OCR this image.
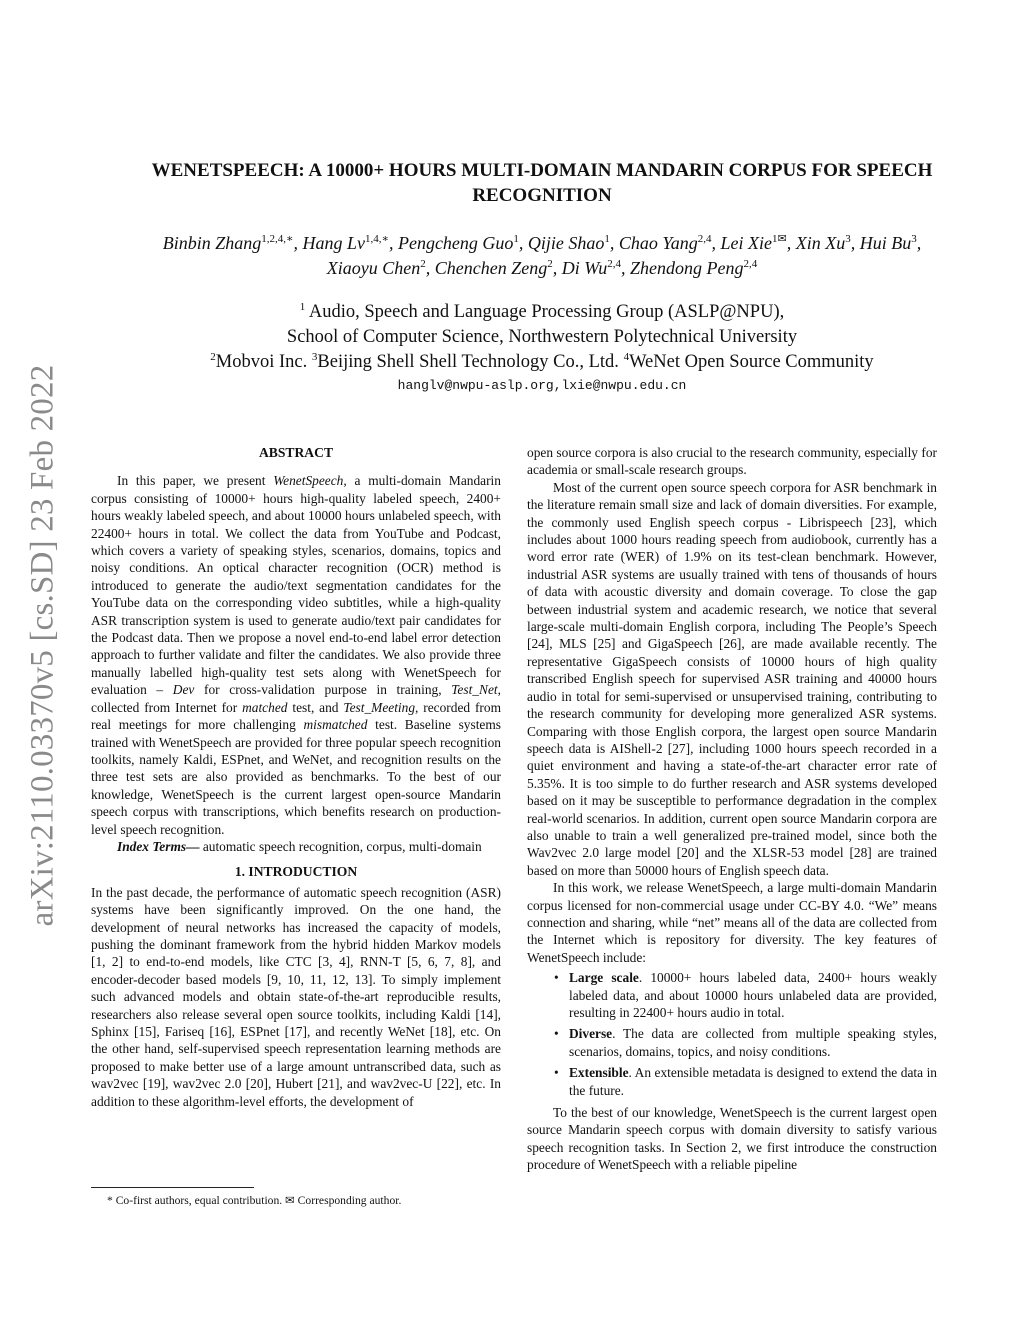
arXiv:2110.03370v5 [cs.SD] 23 Feb 2022
WENETSPEECH: A 10000+ HOURS MULTI-DOMAIN MANDARIN CORPUS FOR SPEECH
RECOGNITION
Binbin Zhang$^{1,2,4,∗}$, Hang $Lv^{1,4,∗}$, Pengcheng Guo$^1$, Qijie Shao$^1$, Chao Yang$^{2,4}$, Lei Xie$^{1✉}$, Xin Xu$^3$, Hui Bu$^3$,
Xiaoyu Chen$^2$, Chenchen Zeng$^2$, Di Wu$^{2,4}$, Zhendong Peng$^{2,4}$
$^1$ Audio, Speech and Language Processing Group (ASLP@NPU),
School of Computer Science, Northwestern Polytechnical University
$^2$Mobvoi Inc. $^3$Beijing Shell Shell Technology Co., Ltd. $^4$WeNet Open Source Community
hanglv@nwpu-aslp.org,lxie@nwpu.edu.cn
ABSTRACT

In this paper, we present WenetSpeech, a multi-domain Mandarin corpus consisting of 10000+ hours high-quality labeled speech, 2400+ hours weakly labeled speech, and about 10000 hours unlabeled speech, with 22400+ hours in total. We collect the data from YouTube and Podcast, which covers a variety of speaking styles, scenarios, domains, topics and noisy conditions. An optical character recognition (OCR) method is introduced to generate the audio/text segmentation candidates for the YouTube data on the corresponding video subtitles, while a high-quality ASR transcription system is used to generate audio/text pair candidates for the Podcast data. Then we propose a novel end-to-end label error detection approach to further validate and filter the candidates. We also provide three manually labelled high-quality test sets along with WenetSpeech for evaluation – Dev for cross-validation purpose in training, Test_Net, collected from Internet for matched test, and Test_Meeting, recorded from real meetings for more challenging mismatched test. Baseline systems trained with WenetSpeech are provided for three popular speech recognition toolkits, namely Kaldi, ESPnet, and WeNet, and recognition results on the three test sets are also provided as benchmarks. To the best of our knowledge, WenetSpeech is the current largest open-source Mandarin speech corpus with transcriptions, which benefits research on production-level speech recognition.

Index Terms— automatic speech recognition, corpus, multi-domain

1. INTRODUCTION

In the past decade, the performance of automatic speech recognition (ASR) systems have been significantly improved. On the one hand, the development of neural networks has increased the capacity of models, pushing the dominant framework from the hybrid hidden Markov models [1, 2] to end-to-end models, like CTC [3, 4], RNN-T [5, 6, 7, 8], and encoder-decoder based models [9, 10, 11, 12, 13]. To simply implement such advanced models and obtain state-of-the-art reproducible results, researchers also release several open source toolkits, including Kaldi [14], Sphinx [15], Fariseq [16], ESPnet [17], and recently WeNet [18], etc. On the other hand, self-supervised speech representation learning methods are proposed to make better use of a large amount untranscribed data, such as wav2vec [19], wav2vec 2.0 [20], Hubert [21], and wav2vec-U [22], etc. In addition to these algorithm-level efforts, the development of

open source corpora is also crucial to the research community, especially for academia or small-scale research groups.

Most of the current open source speech corpora for ASR benchmark in the literature remain small size and lack of domain diversities. For example, the commonly used English speech corpus - Librispeech [23], which includes about 1000 hours reading speech from audiobook, currently has a word error rate (WER) of 1.9% on its test-clean benchmark. However, industrial ASR systems are usually trained with tens of thousands of hours of data with acoustic diversity and domain coverage. To close the gap between industrial system and academic research, we notice that several large-scale multi-domain English corpora, including The People’s Speech [24], MLS [25] and GigaSpeech [26], are made available recently. The representative GigaSpeech consists of 10000 hours of high quality transcribed English speech for supervised ASR training and 40000 hours audio in total for semi-supervised or unsupervised training, contributing to the research community for developing more generalized ASR systems. Comparing with those English corpora, the largest open source Mandarin speech data is AIShell-2 [27], including 1000 hours speech recorded in a quiet environment and having a state-of-the-art character error rate of 5.35%. It is too simple to do further research and ASR systems developed based on it may be susceptible to performance degradation in the complex real-world scenarios. In addition, current open source Mandarin corpora are also unable to train a well generalized pre-trained model, since both the Wav2vec 2.0 large model [20] and the XLSR-53 model [28] are trained based on more than 50000 hours of English speech data.

In this work, we release WenetSpeech, a large multi-domain Mandarin corpus licensed for non-commercial usage under CC-BY 4.0. “We” means connection and sharing, while “net” means all of the data are collected from the Internet which is repository for diversity. The key features of WenetSpeech include:

• Large scale. 10000+ hours labeled data, 2400+ hours weakly labeled data, and about 10000 hours unlabeled data are provided, resulting in 22400+ hours audio in total.
• Diverse. The data are collected from multiple speaking styles, scenarios, domains, topics, and noisy conditions.
• Extensible. An extensible metadata is designed to extend the data in the future.

To the best of our knowledge, WenetSpeech is the current largest open source Mandarin speech corpus with domain diversity to satisfy various speech recognition tasks. In Section 2, we first introduce the construction procedure of WenetSpeech with a reliable pipeline

* Co-first authors, equal contribution. ✉ Corresponding author.
